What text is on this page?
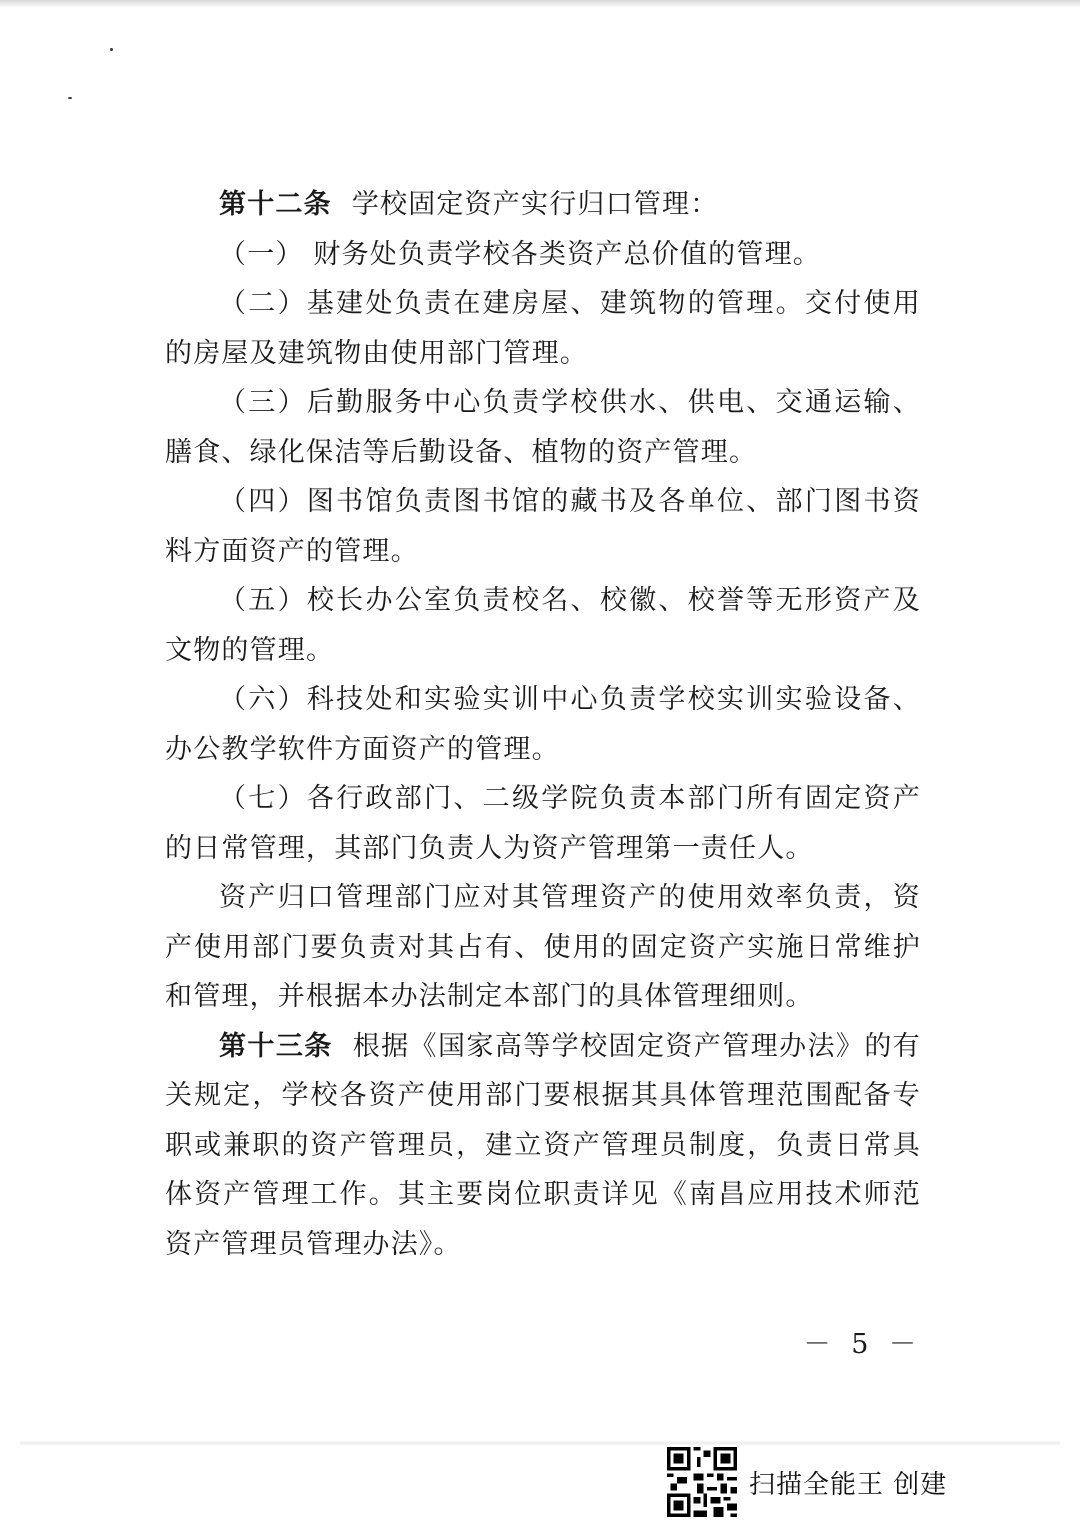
第十二条 学校固定资产实行归口管理：

（一） 财务处负责学校各类资产总价值的管理。

（二）基建处负责在建房屋、建筑物的管理。交付使用的房屋及建筑物由使用部门管理。

（三）后勤服务中心负责学校供水、供电、交通运输、膳食、绿化保洁等后勤设备、植物的资产管理。

（四）图书馆负责图书馆的藏书及各单位、部门图书资料方面资产的管理。

（五）校长办公室负责校名、校徽、校誉等无形资产及文物的管理。

（六）科技处和实验实训中心负责学校实训实验设备、办公教学软件方面资产的管理。

（七）各行政部门、二级学院负责本部门所有固定资产的日常管理，其部门负责人为资产管理第一责任人。

资产归口管理部门应对其管理资产的使用效率负责，资产使用部门要负责对其占有、使用的固定资产实施日常维护和管理，并根据本办法制定本部门的具体管理细则。

第十三条 根据《国家高等学校固定资产管理办法》的有关规定，学校各资产使用部门要根据其具体管理范围配备专职或兼职的资产管理员，建立资产管理员制度，负责日常具体资产管理工作。其主要岗位职责详见《南昌应用技术师范资产管理员管理办法》。

－ 5 －
扫描全能王 创建
